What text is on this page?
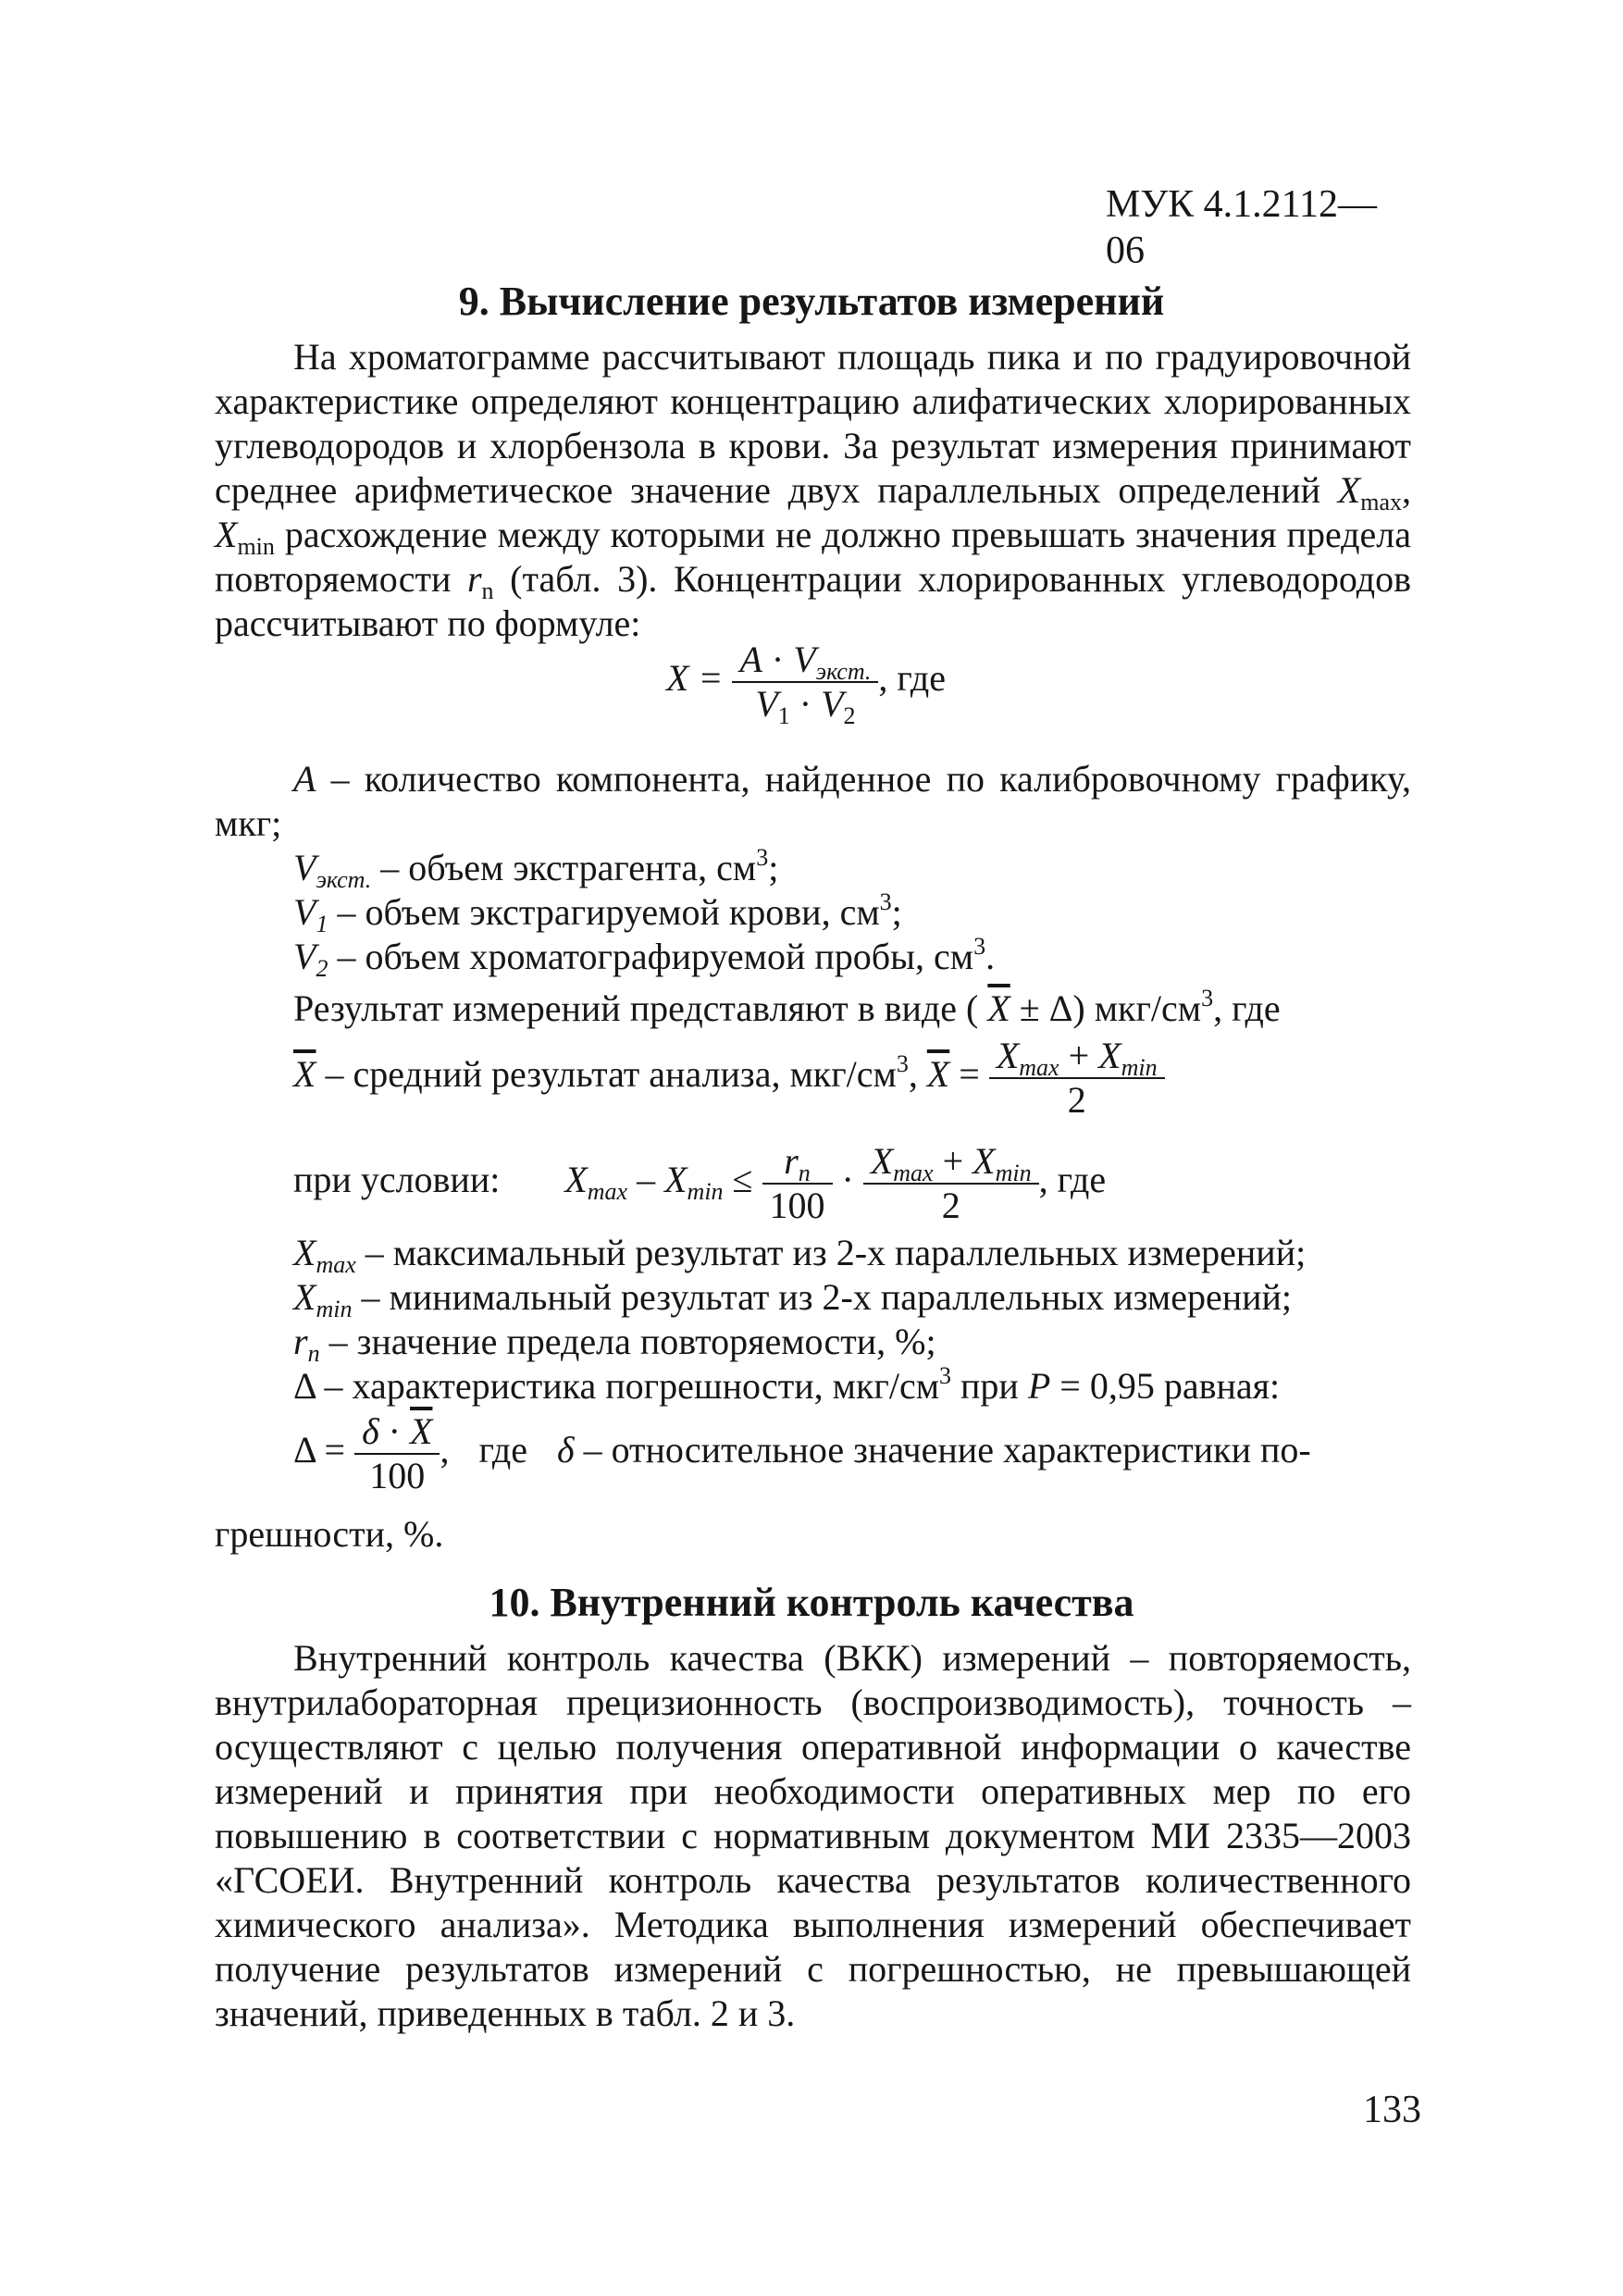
МУК 4.1.2112—06
9. Вычисление результатов измерений
На хроматограмме рассчитывают площадь пика и по градуировочной характеристике определяют концентрацию алифатических хлорированных углеводородов и хлорбензола в крови. За результат измерения принимают среднее арифметическое значение двух параллельных определений $X_{max}$, $X_{min}$ расхождение между которыми не должно превышать значения предела повторяемости $r_n$ (табл. 3). Концентрации хлорированных углеводородов рассчитывают по формуле:
$X = \frac{A \cdot V_{экст.}}{V_1 \cdot V_2}$ , где
A – количество компонента, найденное по калибровочному графику, мкг;
$V_{экст.}$ – объем экстрагента, $см^3$;
$V_1$ – объем экстрагируемой крови, $см^3$;
$V_2$ – объем хроматографируемой пробы, $см^3$.
Результат измерений представляют в виде ( $\overline{X} \pm \Delta$) мкг/$см^3$, где
$\overline{X}$ – средний результат анализа, мкг/$см^3$, $\overline{X} = \frac{X_{max} + X_{min}}{2}$
при условии: $X_{max} - X_{min} \le \frac{r_n}{100} \cdot \frac{X_{max} + X_{min}}{2}$ , где
$X_{max}$ – максимальный результат из 2-х параллельных измерений;
$X_{min}$ – минимальный результат из 2-х параллельных измерений;
$r_n$ – значение предела повторяемости, %;
Δ – характеристика погрешности, мкг/$см^3$ при P = 0,95 равная:
$\Delta = \frac{\delta \cdot \overline{X}}{100}$ , где δ – относительное значение характеристики по-
грешности, %.
10. Внутренний контроль качества
Внутренний контроль качества (ВКК) измерений – повторяемость, внутрилабораторная прецизионность (воспроизводимость), точность – осуществляют с целью получения оперативной информации о качестве измерений и принятия при необходимости оперативных мер по его повышению в соответствии с нормативным документом МИ 2335—2003 «ГСОЕИ. Внутренний контроль качества результатов количественного химического анализа». Методика выполнения измерений обеспечивает получение результатов измерений с погрешностью, не превышающей значений, приведенных в табл. 2 и 3.
133
